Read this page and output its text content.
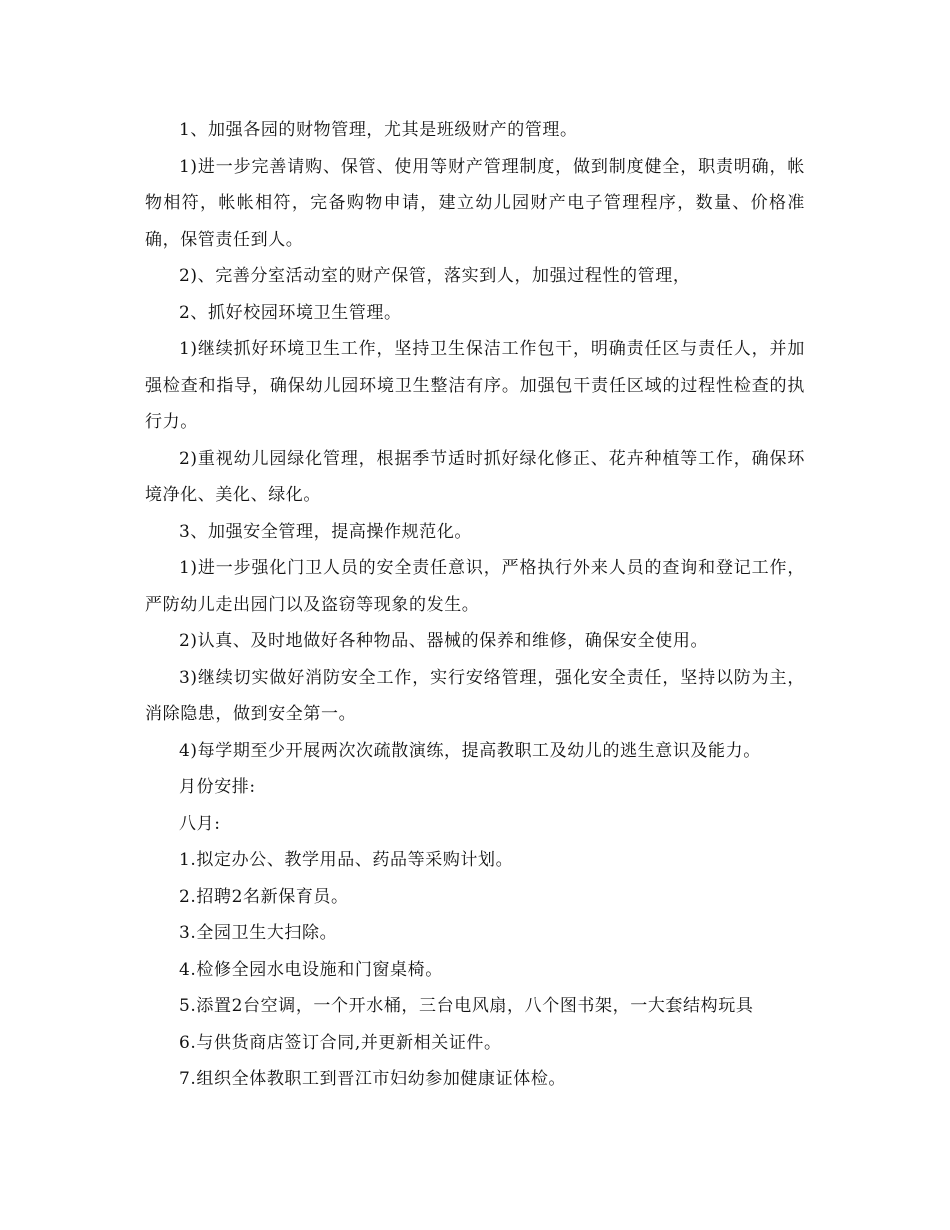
1、加强各园的财物管理，尤其是班级财产的管理。

1)进一步完善请购、保管、使用等财产管理制度，做到制度健全，职责明确，帐物相符，帐帐相符，完备购物申请，建立幼儿园财产电子管理程序，数量、价格准确，保管责任到人。

2)、完善分室活动室的财产保管，落实到人，加强过程性的管理，

2、抓好校园环境卫生管理。

1)继续抓好环境卫生工作，坚持卫生保洁工作包干，明确责任区与责任人，并加强检查和指导，确保幼儿园环境卫生整洁有序。加强包干责任区域的过程性检查的执行力。

2)重视幼儿园绿化管理，根据季节适时抓好绿化修正、花卉种植等工作，确保环境净化、美化、绿化。

3、加强安全管理，提高操作规范化。

1)进一步强化门卫人员的安全责任意识，严格执行外来人员的查询和登记工作，严防幼儿走出园门以及盗窃等现象的发生。

2)认真、及时地做好各种物品、器械的保养和维修，确保安全使用。

3)继续切实做好消防安全工作，实行安络管理，强化安全责任，坚持以防为主，消除隐患，做到安全第一。

4)每学期至少开展两次次疏散演练，提高教职工及幼儿的逃生意识及能力。

月份安排:

八月:

1.拟定办公、教学用品、药品等采购计划。

2.招聘2名新保育员。

3.全园卫生大扫除。

4.检修全园水电设施和门窗桌椅。

5.添置2台空调，一个开水桶，三台电风扇，八个图书架，一大套结构玩具

6.与供货商店签订合同,并更新相关证件。

7.组织全体教职工到晋江市妇幼参加健康证体检。
